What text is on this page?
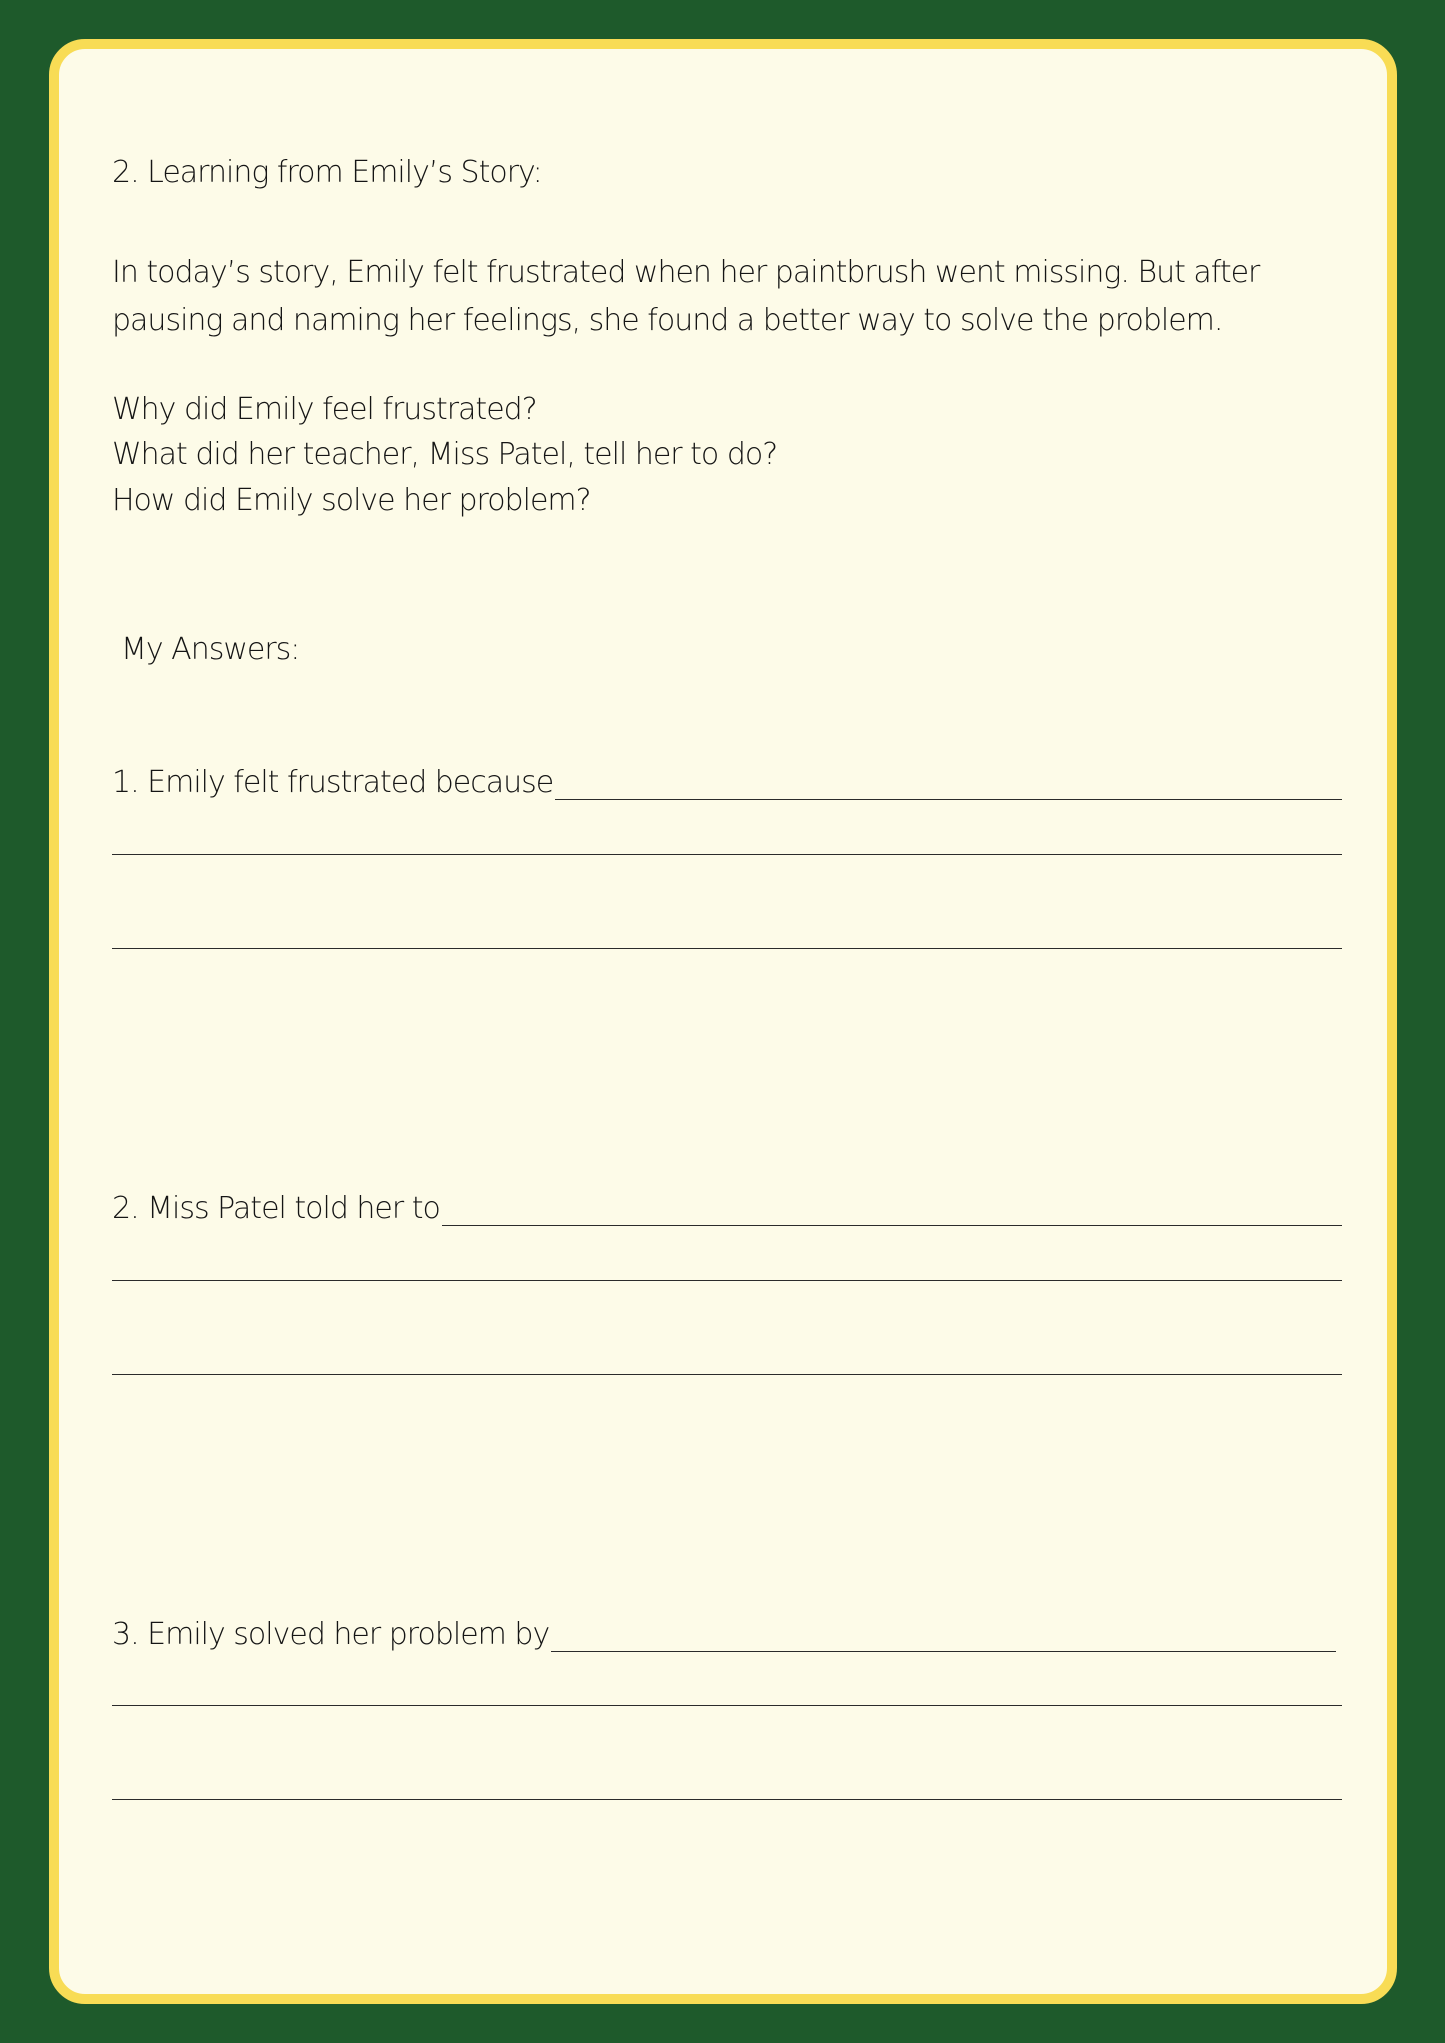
2. Learning from Emily’s Story:
In today’s story, Emily felt frustrated when her paintbrush went missing. But after pausing and naming her feelings, she found a better way to solve the problem.
Why did Emily feel frustrated?
What did her teacher, Miss Patel, tell her to do?
How did Emily solve her problem?
My Answers:
1. Emily felt frustrated because
2. Miss Patel told her to
3. Emily solved her problem by
